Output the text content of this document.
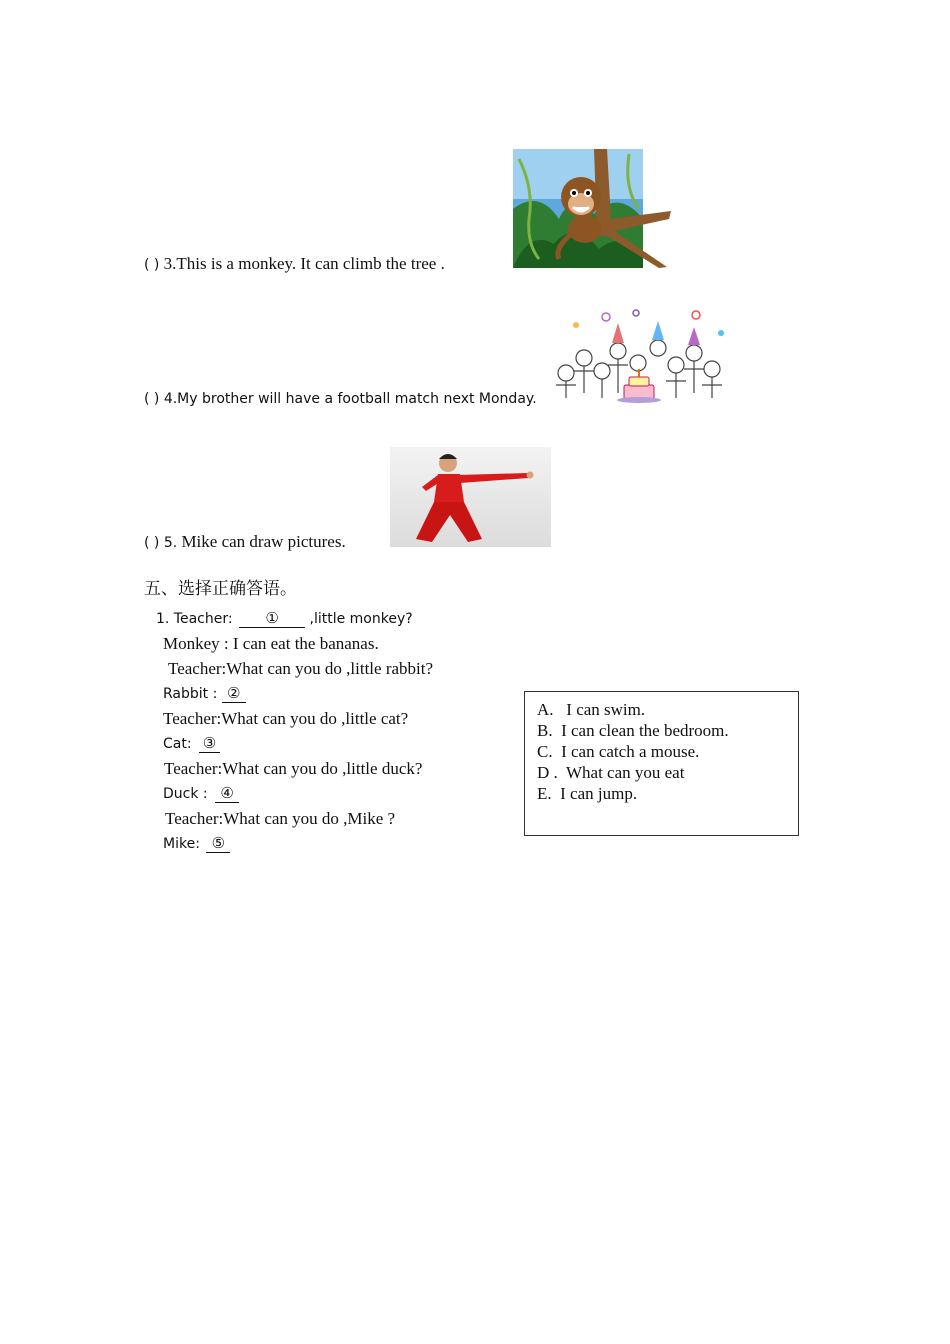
( ) 3.This is a monkey. It can climb the tree .
( ) 4.My brother will have a football match next Monday.
( ) 5. Mike can draw pictures.
五、选择正确答语。
1. Teacher: ① ,little monkey?
Monkey : I can eat the bananas.
Teacher:What can you do ,little rabbit?
Rabbit : ②
Teacher:What can you do ,little cat?
Cat: ③
Teacher:What can you do ,little duck?
Duck : ④
Teacher:What can you do ,Mike ?
Mike: ⑤
A. I can swim.
B. I can clean the bedroom.
C. I can catch a mouse.
D . What can you eat
E. I can jump.
